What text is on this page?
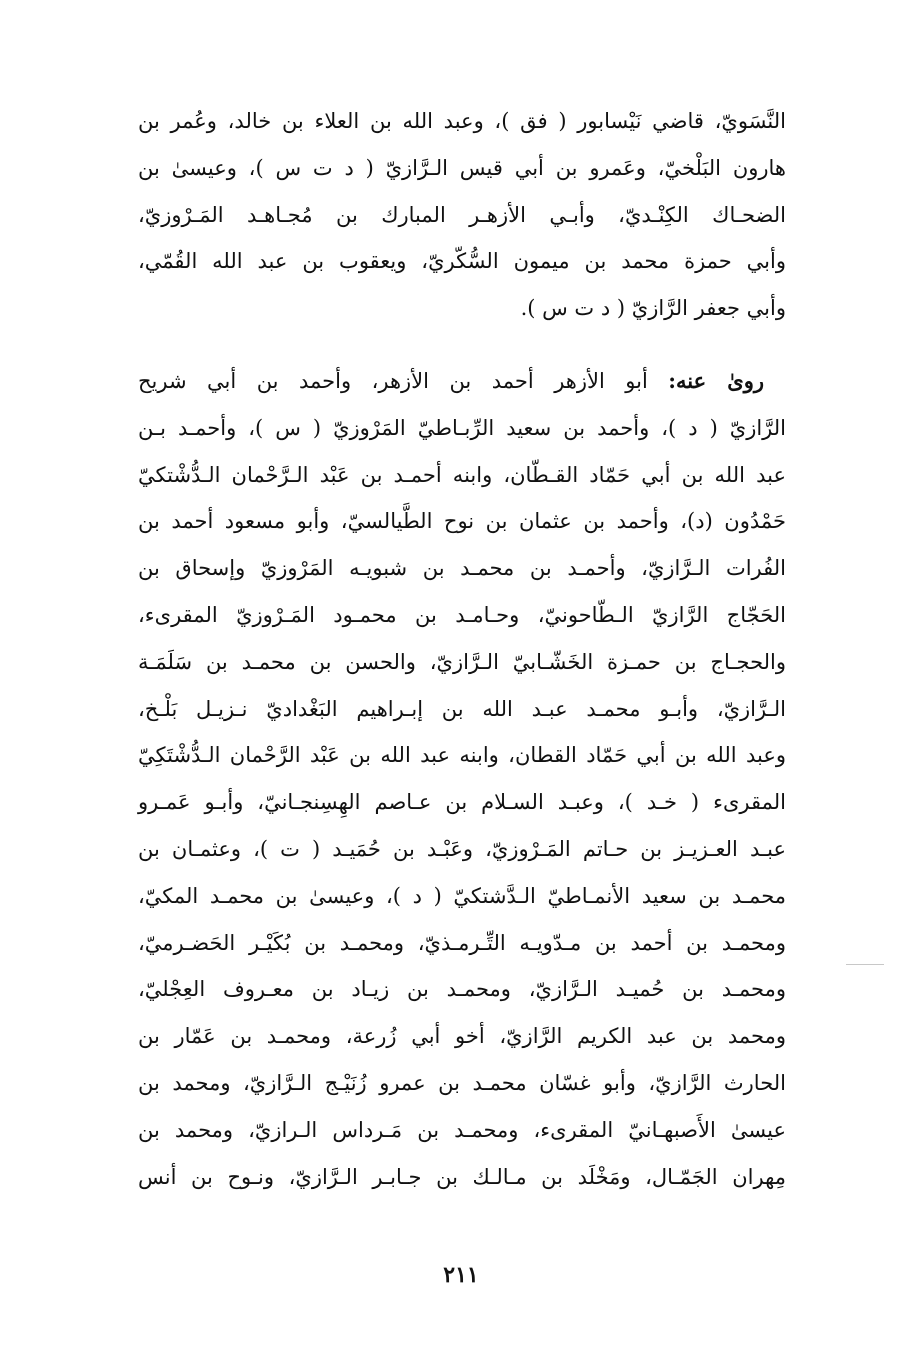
النَّسَويّ، قاضي نَيْسابور ( فق )، وعبد الله بن العلاء بن خالد، وعُمر بن
هارون البَلْخيّ، وعَمرو بن أبي قيس الـرَّازيّ ( د ت س )، وعيسىٰ بن
الضحـاك الكِنْـديّ، وأبـي الأزهـر المبارك بن مُجـاهـد المَـرْوزيّ،
وأبي حمزة محمد بن ميمون السُّكّريّ، ويعقوب بن عبد الله القُمّي،
وأبي جعفر الرَّازيّ ( د ت س ).
روىٰ عنه: أبو الأزهر أحمد بن الأزهر، وأحمد بن أبي شريح
الرَّازيّ ( د )، وأحمد بن سعيد الرِّبـاطيّ المَرْوزيّ ( س )، وأحمـد بـن
عبد الله بن أبي حَمّاد القـطّان، وابنه أحمـد بن عَبْد الـرَّحْمان الـدُّشْتكيّ
حَمْدُون (د)، وأحمد بن عثمان بن نوح الطَّيالسيّ، وأبو مسعود أحمد بن
الفُرات الـرَّازيّ، وأحمـد بن محمـد بن شبويـه المَرْوزيّ وإسحاق بن
الحَجّاج الرَّازيّ الـطّاحونيّ، وحـامـد بن محمـود المَـرْوزيّ المقرىء،
والحجـاج بن حمـزة الخَشّـابيّ الـرَّازيّ، والحسن بن محمـد بن سَلَمَـة
الـرَّازيّ، وأبـو محمـد عبـد الله بن إبـراهيم البَغْداديّ نـزيـل بَلْـخ،
وعبد الله بن أبي حَمّاد القطان، وابنه عبد الله بن عَبْد الرَّحْمان الـدُّشْتَكِيّ
المقرىء ( خـد )، وعبـد السـلام بن عـاصم الهِسِنجـانيّ، وأبـو عَمـرو
عبـد العـزيـز بن حـاتم المَـرْوزيّ، وعَبْـد بن حُمَيـد ( ت )، وعثمـان بن
محمـد بن سعيد الأنمـاطيّ الـدَّشتكيّ ( د )، وعيسىٰ بن محمـد المكيّ،
ومحمـد بن أحمد بن مـدّويـه التِّـرمـذيّ، ومحمـد بن بُكَيْـر الحَضـرميّ،
ومحمـد بن حُميـد الـرَّازيّ، ومحمـد بن زيـاد بن معـروف العِجْليّ،
ومحمد بن عبد الكريم الرَّازيّ، أخو أبي زُرعة، ومحمـد بن عَمّار بن
الحارث الرَّازيّ، وأبو غسّان محمـد بن عمرو زُنَيْـج الـرَّازيّ، ومحمد بن
عيسىٰ الأَصبهـانيّ المقرىء، ومحمـد بن مَـرداس الـرازيّ، ومحمد بن
مِهران الجَمّـال، ومَخْلَد بن مـالـك بن جـابـر الـرَّازيّ، ونـوح بن أنس
٢١١
